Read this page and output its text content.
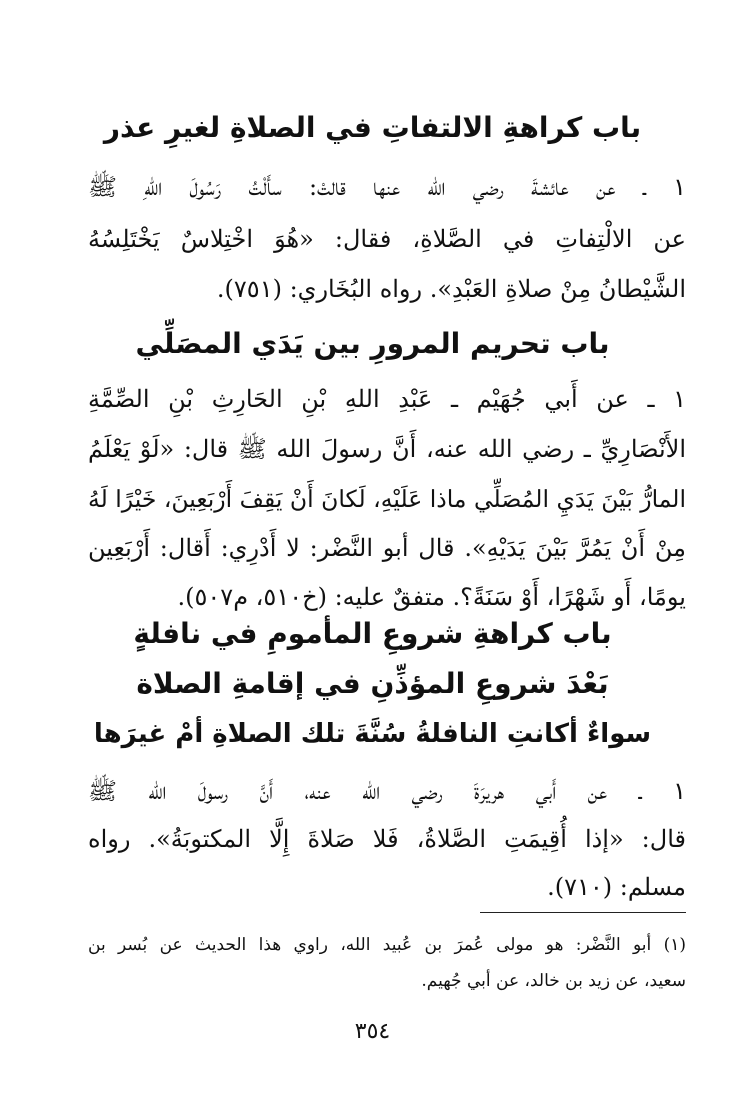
باب كراهةِ الالتفاتِ في الصلاةِ لغيرِ عذر
١ ـ عن عائشةَ رضي الله عنها قالتْ: سأَلْتُ رَسُولَ اللهِ ﷺ
عن الالْتِفاتِ في الصَّلاةِ، فقال: «هُوَ اخْتِلاسٌ يَخْتَلِسُهُ
الشَّيْطانُ مِنْ صلاةِ العَبْدِ». رواه البُخَاري: (٧٥١).
باب تحريم المرورِ بين يَدَي المصَلِّي
١ ـ عن أَبي جُهَيْم ـ عَبْدِ اللهِ بْنِ الحَارِثِ بْنِ الصِّمَّةِ
الأَنْصَارِيِّ ـ رضي الله عنه، أَنَّ رسولَ الله ﷺ قال: «لَوْ يَعْلَمُ
المارُّ بَيْنَ يَدَيِ المُصَلِّي ماذا عَلَيْهِ، لَكانَ أَنْ يَقِفَ أَرْبَعِينَ، خَيْرًا لَهُ
مِنْ أَنْ يَمُرَّ بَيْنَ يَدَيْهِ». قال أبو النَّضْر: لا أَدْرِي: أَقال: أَرْبَعِين
يومًا، أَو شَهْرًا، أَوْ سَنَةً؟. متفقٌ عليه: (خ٥١٠، م٥٠٧).
باب كراهةِ شروعِ المأمومِ في نافلةٍ
بَعْدَ شروعِ المؤذِّنِ في إقامةِ الصلاة
سواءٌ أكانتِ النافلةُ سُنَّةَ تلك الصلاةِ أمْ غيرَها
١ ـ عن أَبي هريرَةَ رضي الله عنه، أَنَّ رسولَ الله ﷺ
قال: «إذا أُقِيمَتِ الصَّلاةُ، فَلا صَلاةَ إِلَّا المكتوبَةُ». رواه
مسلم: (٧١٠).
(١) أبو النَّضْر: هو مولى عُمرَ بن عُبيد الله، راوي هذا الحديث عن بُسر بن
سعيد، عن زيد بن خالد، عن أبي جُهيم.
٣٥٤
